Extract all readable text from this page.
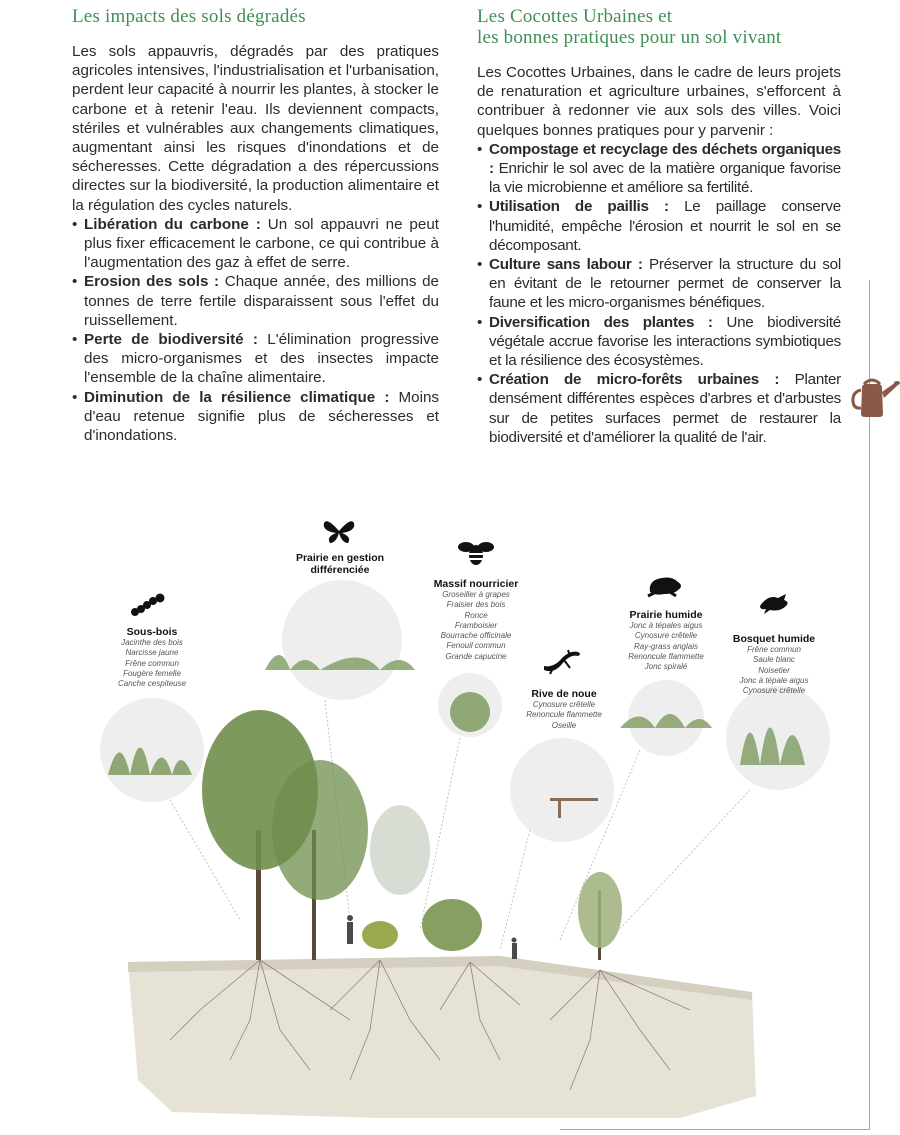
Les impacts des sols dégradés

Les sols appauvris, dégradés par des pratiques agricoles intensives, l'industrialisation et l'urbanisation, perdent leur capacité à nourrir les plantes, à stocker le carbone et à retenir l'eau. Ils deviennent compacts, stériles et vulnérables aux changements climatiques, augmentant ainsi les risques d'inondations et de sécheresses. Cette dégradation a des répercussions directes sur la biodiversité, la production alimentaire et la régulation des cycles naturels.

• Libération du carbone : Un sol appauvri ne peut plus fixer efficacement le carbone, ce qui contribue à l'augmentation des gaz à effet de serre.
• Erosion des sols : Chaque année, des millions de tonnes de terre fertile disparaissent sous l'effet du ruissellement.
• Perte de biodiversité : L'élimination progressive des micro-organismes et des insectes impacte l'ensemble de la chaîne alimentaire.
• Diminution de la résilience climatique : Moins d'eau retenue signifie plus de sécheresses et d'inondations.
Les Cocottes Urbaines et
les bonnes pratiques pour un sol vivant

Les Cocottes Urbaines, dans le cadre de leurs projets de renaturation et agriculture urbaines, s'efforcent à contribuer à redonner vie aux sols des villes. Voici quelques bonnes pratiques pour y parvenir :

• Compostage et recyclage des déchets organiques : Enrichir le sol avec de la matière organique favorise la vie microbienne et améliore sa fertilité.
• Utilisation de paillis : Le paillage conserve l'humidité, empêche l'érosion et nourrit le sol en se décomposant.
• Culture sans labour : Préserver la structure du sol en évitant de le retourner permet de conserver la faune et les micro-organismes bénéfiques.
• Diversification des plantes : Une biodiversité végétale accrue favorise les interactions symbiotiques et la résilience des écosystèmes.
• Création de micro-forêts urbaines : Planter densément différentes espèces d'arbres et d'arbustes sur de petites surfaces permet de restaurer la biodiversité et d'améliorer la qualité de l'air.
Sous-bois
Jacinthe des bois
Narcisse jaune
Frêne commun
Fougère femelle
Canche cespiteuse
Prairie en gestion différenciée
Massif nourricier
Groseiller à grapes
Fraisier des bois
Ronce
Framboisier
Bourrache officinale
Fenouil commun
Grande capucine
Rive de noue
Cynosure crêtelle
Renoncule flammette
Oseille
Prairie humide
Jonc à tépales aigus
Cynosure crêtelle
Ray-grass anglais
Renoncule flammette
Jonc spiralé
Bosquet humide
Frêne commun
Saule blanc
Noisetier
Jonc à tépale aigus
Cynosure crêtelle
